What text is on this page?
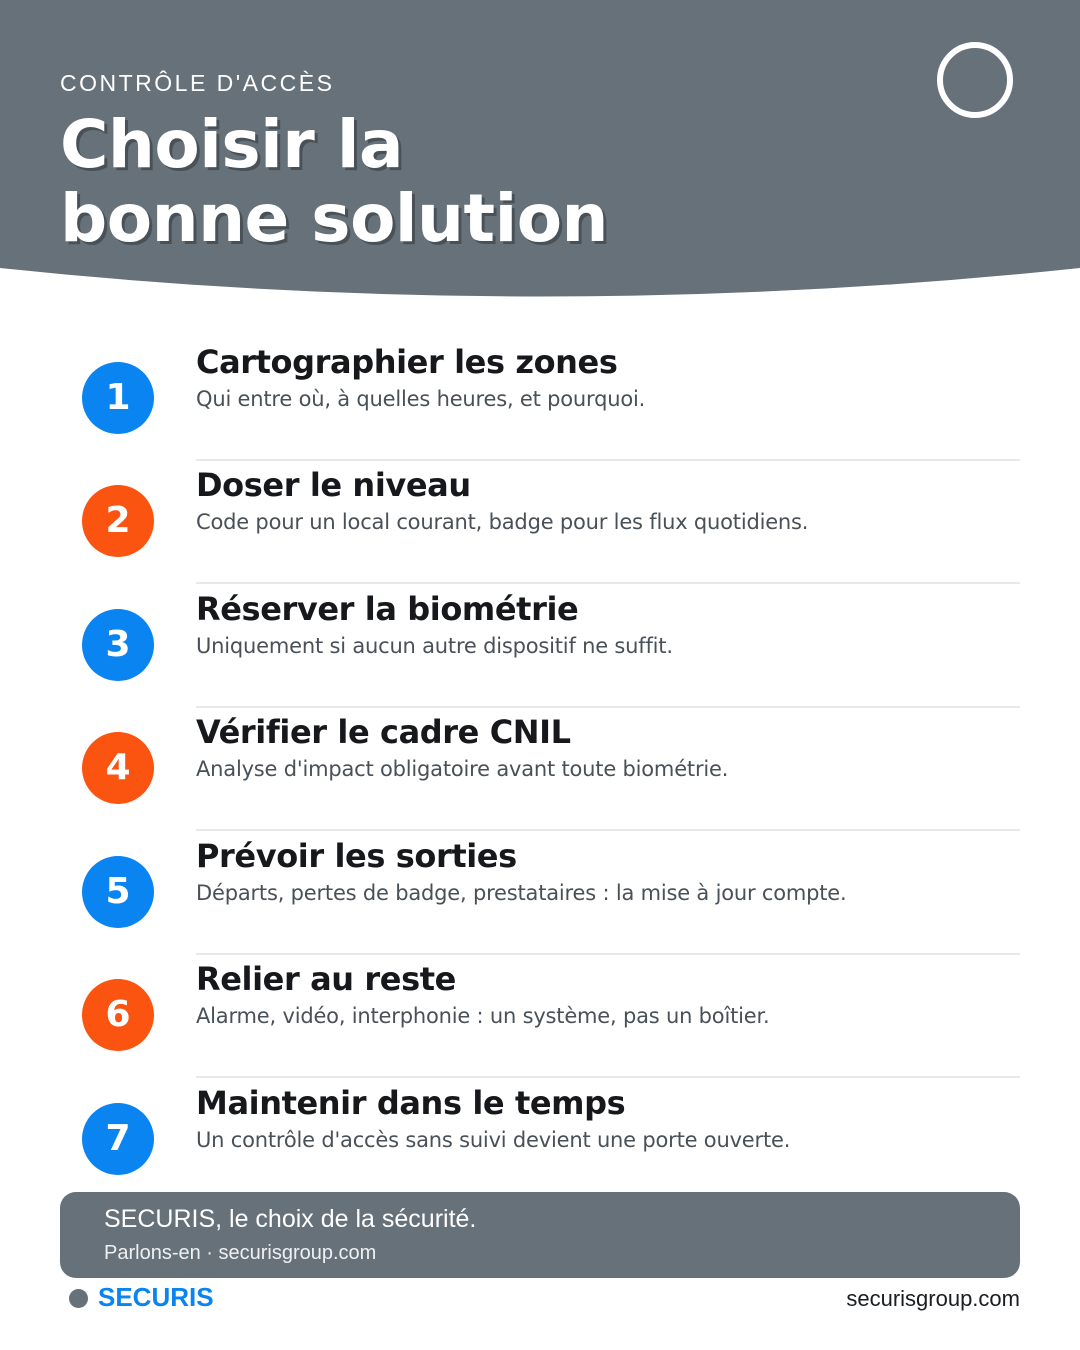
CONTRÔLE D'ACCÈS
Choisir la
bonne solution
1
Cartographier les zones
Qui entre où, à quelles heures, et pourquoi.
2
Doser le niveau
Code pour un local courant, badge pour les flux quotidiens.
3
Réserver la biométrie
Uniquement si aucun autre dispositif ne suffit.
4
Vérifier le cadre CNIL
Analyse d'impact obligatoire avant toute biométrie.
5
Prévoir les sorties
Départs, pertes de badge, prestataires : la mise à jour compte.
6
Relier au reste
Alarme, vidéo, interphonie : un système, pas un boîtier.
7
Maintenir dans le temps
Un contrôle d'accès sans suivi devient une porte ouverte.
SECURIS, le choix de la sécurité.
Parlons-en · securisgroup.com
SECURIS	securisgroup.com
